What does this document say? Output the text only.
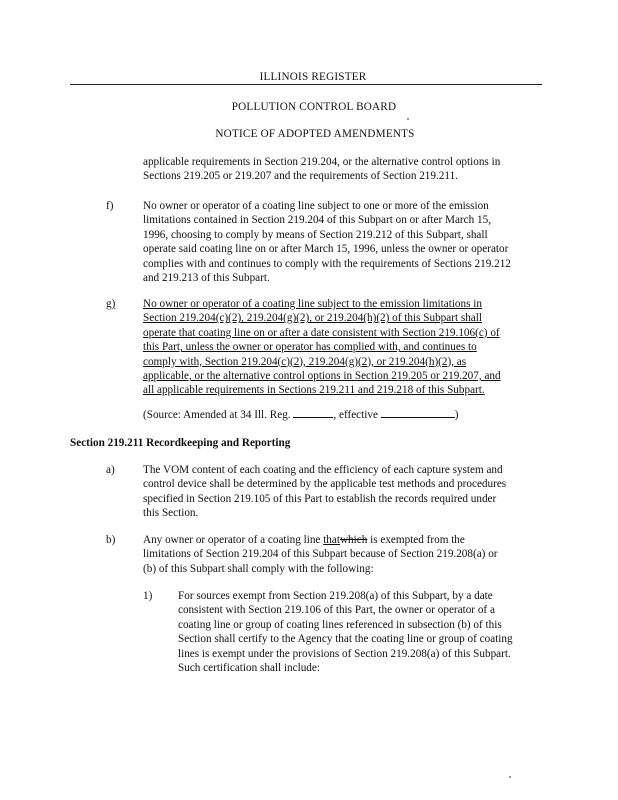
ILLINOIS REGISTER
POLLUTION CONTROL BOARD
NOTICE OF ADOPTED AMENDMENTS
applicable requirements in Section 219.204, or the alternative control options in
Sections 219.205 or 219.207 and the requirements of Section 219.211.
f)	No owner or operator of a coating line subject to one or more of the emission
limitations contained in Section 219.204 of this Subpart on or after March 15,
1996, choosing to comply by means of Section 219.212 of this Subpart, shall
operate said coating line on or after March 15, 1996, unless the owner or operator
complies with and continues to comply with the requirements of Sections 219.212
and 219.213 of this Subpart.
g) No owner or operator of a coating line subject to the emission limitations in
Section 219.204(c)(2), 219.204(g)(2), or 219.204(h)(2) of this Subpart shall
operate that coating line on or after a date consistent with Section 219.106(c) of
this Part, unless the owner or operator has complied with, and continues to
comply with, Section 219.204(c)(2), 219.204(g)(2), or 219.204(h)(2), as
applicable, or the alternative control options in Section 219.205 or 219.207, and
all applicable requirements in Sections 219.211 and 219.218 of this Subpart.
(Source: Amended at 34 Ill. Reg.	, effective	)
Section 219.211 Recordkeeping and Reporting
a)	The VOM content of each coating and the efficiency of each capture system and
control device shall be determined by the applicable test methods and procedures
specified in Section 219.105 of this Part to establish the records required under
this Section.
b) Any owner or operator of a coating line thatwhich is exempted from the
limitations of Section 219.204 of this Subpart because of Section 219.208(a) or
(b) of this Subpart shall comply with the following:
1) For sources exempt from Section 219.208(a) of this Subpart, by a date
consistent with Section 219.106 of this Part, the owner or operator of a
coating line or group of coating lines referenced in subsection (b) of this
Section shall certify to the Agency that the coating line or group of coating
lines is exempt under the provisions of Section 219.208(a) of this Subpart.
Such certification shall include:
